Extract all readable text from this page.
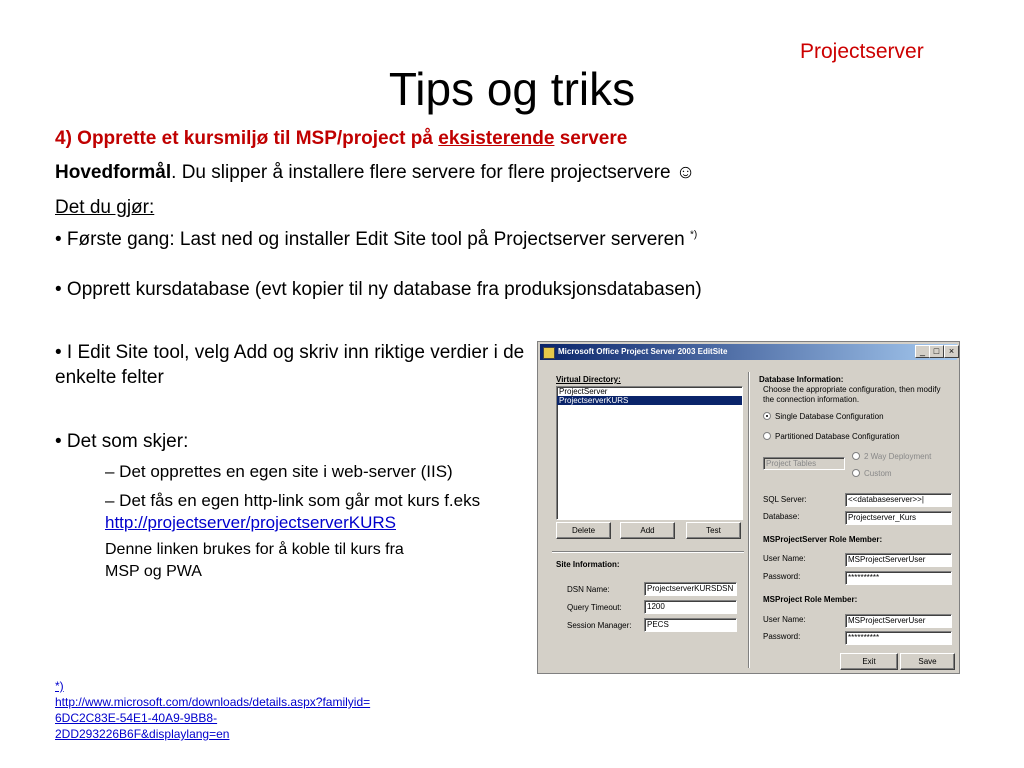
Projectserver
Tips og triks
4) Opprette et kursmiljø til MSP/project på eksisterende servere
Hovedformål. Du slipper å installere flere servere for flere projectservere ☺
Det du gjør:
• Første gang: Last ned og installer Edit Site tool på Projectserver serveren *)
• Opprett kursdatabase (evt kopier til ny database fra produksjonsdatabasen)
• I Edit Site tool, velg Add og skriv inn riktige verdier i de enkelte felter
• Det som skjer:
– Det opprettes en egen site i web-server (IIS)
– Det fås en egen http-link som går mot kurs f.eks http://projectserver/projectserverKURS
Denne linken brukes for å koble til kurs fra MSP og PWA
*)
http://www.microsoft.com/downloads/details.aspx?familyid=
6DC2C83E-54E1-40A9-9BB8-
2DD293226B6F&displaylang=en
Microsoft Office Project Server 2003 EditSite	_ □	×
Virtual Directory:
ProjectServer
ProjectserverKURS
Delete	Add	Test
Site Information:
DSN Name:	ProjectserverKURSDSN
Query Timeout:	1200
Session Manager:	PECS
Database Information:
Choose the appropriate configuration, then modify the connection information.
Single Database Configuration
Partitioned Database Configuration
Project Tables
2 Way Deployment
Custom
SQL Server:	<<databaseserver>>|
Database:	Projectserver_Kurs
MSProjectServer Role Member:
User Name:	MSProjectServerUser
Password:	**********
MSProject Role Member:
User Name:	MSProjectServerUser
Password:	**********
Exit	Save
